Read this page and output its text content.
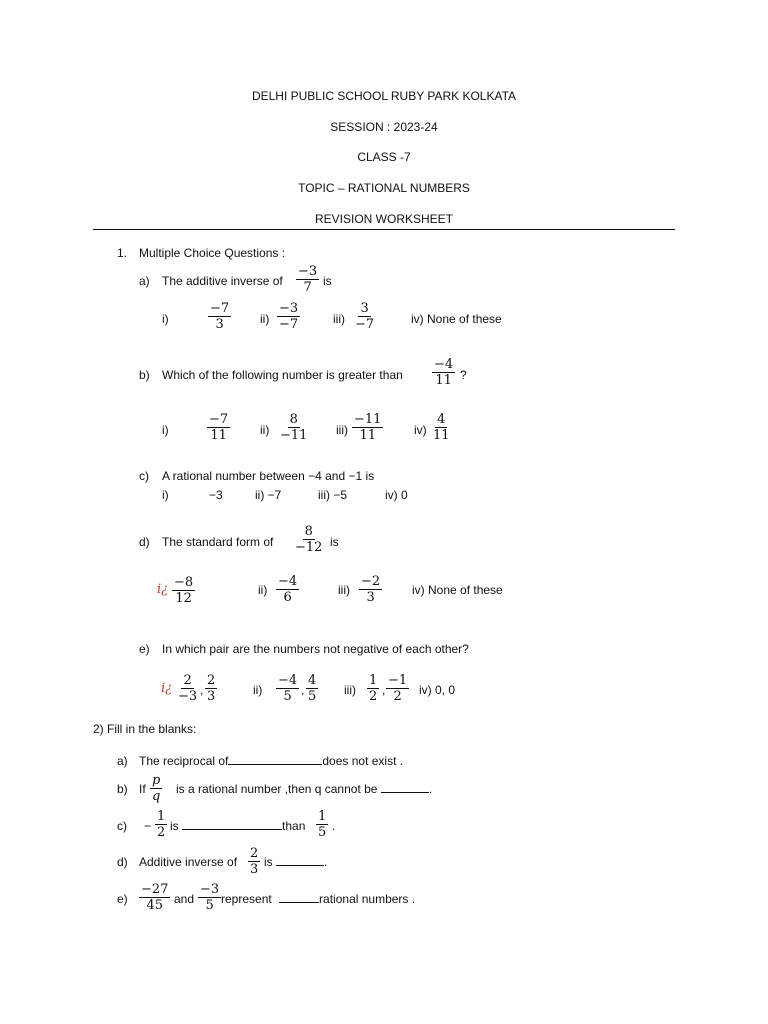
DELHI PUBLIC SCHOOL RUBY PARK KOLKATA
SESSION : 2023-24
CLASS -7
TOPIC – RATIONAL NUMBERS
REVISION WORKSHEET
1. Multiple Choice Questions :
a) The additive inverse of $\frac{-3}{7}$ is
i)	$\frac{-7}{3} ii) \frac{-3}{-7}$	$iii) \frac{3}{-7}$	iv) None of these
b) Which of the following number is greater than $\frac{-4}{11}$ ?
i)	$\frac{-7}{11} ii) \frac{8}{-11} iii) \frac{-11}{11}$	$iv) \frac{4}{11}$
c) A rational number between −4 and −1 is
i)	−3	ii) −7	iii) −5	iv) 0
d) The standard form of $\frac{8}{-12}$ is
i¿ $\frac{-8}{12}$	$ii) \frac{-4}{6}$	$iii) \frac{-2}{3} iv$) None of these
e) In which pair are the numbers not negative of each other?
i¿ $\frac{2}{-3}$ , $\frac{2}{3}$	$ii) \frac{-4}{5}$ , $\frac{4}{5} iii) \frac{1}{2}$ , $\frac{-1}{2} iv$) 0, 0
2) Fill in the blanks:
a) The reciprocal of	does not exist .
b) If $\frac{p}{q}$ is a rational number ,then q cannot be	.
$c) - \frac{1}{2}$ is	than $\frac{1}{5}$ .
d) Additive inverse of $\frac{2}{3}$ is	.
$e) \frac{-27}{45}$ and $\frac{-3}{5}$ represent	rational numbers .
